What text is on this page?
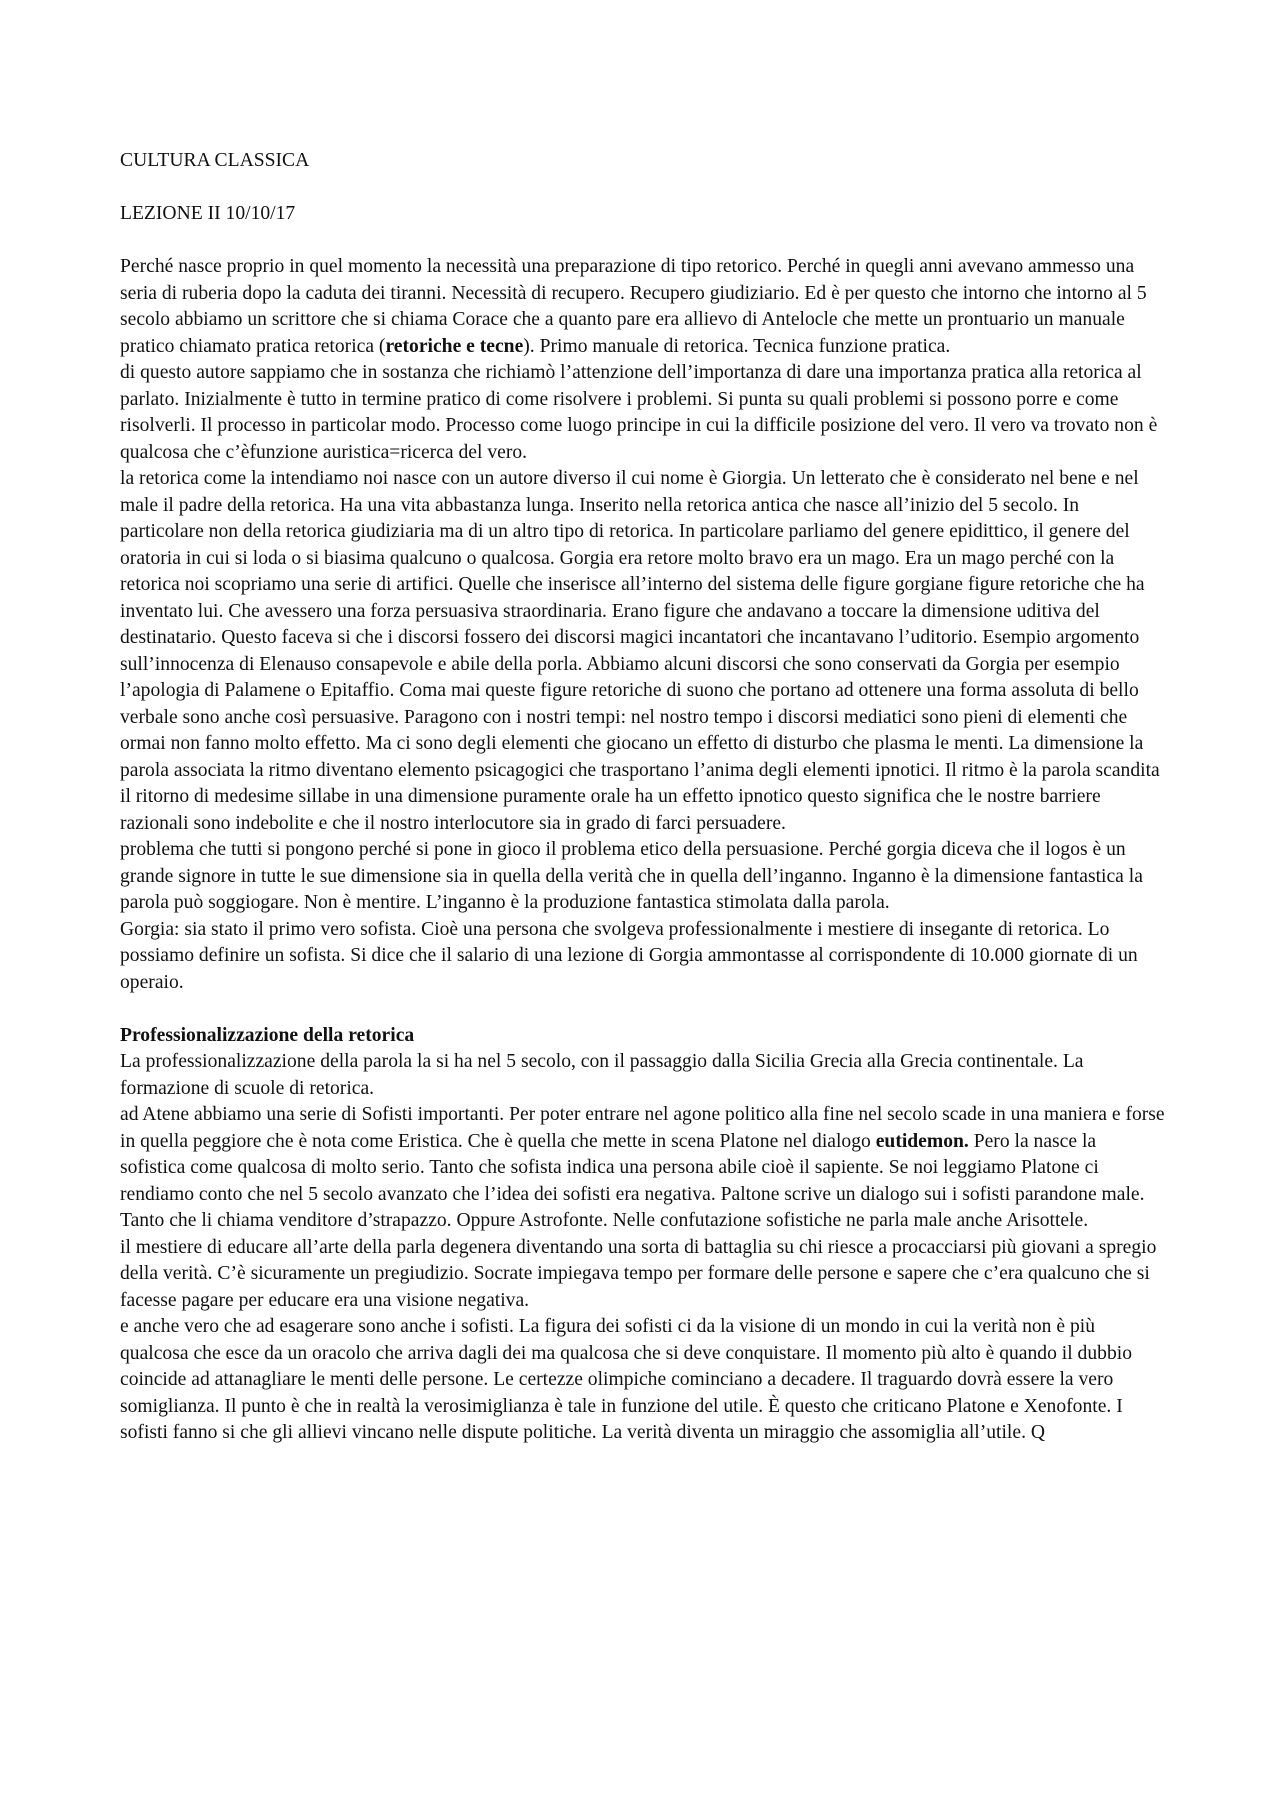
CULTURA CLASSICA

LEZIONE II 10/10/17

Perché nasce proprio in quel momento la necessità una preparazione di tipo retorico. Perché in quegli anni avevano ammesso una seria di ruberia dopo la caduta dei tiranni. Necessità di recupero. Recupero giudiziario. Ed è per questo che intorno che intorno al 5 secolo abbiamo un scrittore che si chiama Corace che a quanto pare era allievo di Antelocle che mette un prontuario un manuale pratico chiamato pratica retorica (retoriche e tecne). Primo manuale di retorica. Tecnica funzione pratica.

di questo autore sappiamo che in sostanza che richiamò l’attenzione dell’importanza di dare una importanza pratica alla retorica al parlato. Inizialmente è tutto in termine pratico di come risolvere i problemi. Si punta su quali problemi si possono porre e come risolverli. Il processo in particolar modo. Processo come luogo principe in cui la difficile posizione del vero. Il vero va trovato non è qualcosa che c’èfunzione auristica=ricerca del vero.

la retorica come la intendiamo noi nasce con un autore diverso il cui nome è Giorgia. Un letterato che è considerato nel bene e nel male il padre della retorica. Ha una vita abbastanza lunga. Inserito nella retorica antica che nasce all’inizio del 5 secolo. In particolare non della retorica giudiziaria ma di un altro tipo di retorica. In particolare parliamo del genere epidittico, il genere del oratoria in cui si loda o si biasima qualcuno o qualcosa. Gorgia era retore molto bravo era un mago. Era un mago perché con la retorica noi scopriamo una serie di artifici. Quelle che inserisce all’interno del sistema delle figure gorgiane figure retoriche che ha inventato lui. Che avessero una forza persuasiva straordinaria. Erano figure che andavano a toccare la dimensione uditiva del destinatario. Questo faceva si che i discorsi fossero dei discorsi magici incantatori che incantavano l’uditorio. Esempio argomento sull’innocenza di Elenauso consapevole e abile della porla. Abbiamo alcuni discorsi che sono conservati da Gorgia per esempio l’apologia di Palamene o Epitaffio. Coma mai queste figure retoriche di suono che portano ad ottenere una forma assoluta di bello verbale sono anche così persuasive. Paragono con i nostri tempi: nel nostro tempo i discorsi mediatici sono pieni di elementi che ormai non fanno molto effetto. Ma ci sono degli elementi che giocano un effetto di disturbo che plasma le menti. La dimensione la parola associata la ritmo diventano elemento psicagogici che trasportano l’anima degli elementi ipnotici. Il ritmo è la parola scandita il ritorno di medesime sillabe in una dimensione puramente orale ha un effetto ipnotico questo significa che le nostre barriere razionali sono indebolite e che il nostro interlocutore sia in grado di farci persuadere.

problema che tutti si pongono perché si pone in gioco il problema etico della persuasione. Perché gorgia diceva che il logos è un grande signore in tutte le sue dimensione sia in quella della verità che in quella dell’inganno. Inganno è la dimensione fantastica la parola può soggiogare. Non è mentire. L’inganno è la produzione fantastica stimolata dalla parola.

Gorgia: sia stato il primo vero sofista. Cioè una persona che svolgeva professionalmente i mestiere di insegante di retorica. Lo possiamo definire un sofista. Si dice che il salario di una lezione di Gorgia ammontasse al corrispondente di 10.000 giornate di un operaio.

Professionalizzazione della retorica

La professionalizzazione della parola la si ha nel 5 secolo, con il passaggio dalla Sicilia Grecia alla Grecia continentale. La formazione di scuole di retorica.

ad Atene abbiamo una serie di Sofisti importanti. Per poter entrare nel agone politico alla fine nel secolo scade in una maniera e forse in quella peggiore che è nota come Eristica. Che è quella che mette in scena Platone nel dialogo eutidemon. Pero la nasce la sofistica come qualcosa di molto serio. Tanto che sofista indica una persona abile cioè il sapiente. Se noi leggiamo Platone ci rendiamo conto che nel 5 secolo avanzato che l’idea dei sofisti era negativa. Paltone scrive un dialogo sui i sofisti parandone male. Tanto che li chiama venditore d’strapazzo. Oppure Astrofonte. Nelle confutazione sofistiche ne parla male anche Arisottele.

il mestiere di educare all’arte della parla degenera diventando una sorta di battaglia su chi riesce a procacciarsi più giovani a spregio della verità. C’è sicuramente un pregiudizio. Socrate impiegava tempo per formare delle persone e sapere che c’era qualcuno che si facesse pagare per educare era una visione negativa.

e anche vero che ad esagerare sono anche i sofisti. La figura dei sofisti ci da la visione di un mondo in cui la verità non è più qualcosa che esce da un oracolo che arriva dagli dei ma qualcosa che si deve conquistare. Il momento più alto è quando il dubbio coincide ad attanagliare le menti delle persone. Le certezze olimpiche cominciano a decadere. Il traguardo dovrà essere la vero somiglianza. Il punto è che in realtà la verosimiglianza è tale in funzione del utile. È questo che criticano Platone e Xenofonte. I sofisti fanno si che gli allievi vincano nelle dispute politiche. La verità diventa un miraggio che assomiglia all’utile. Q
